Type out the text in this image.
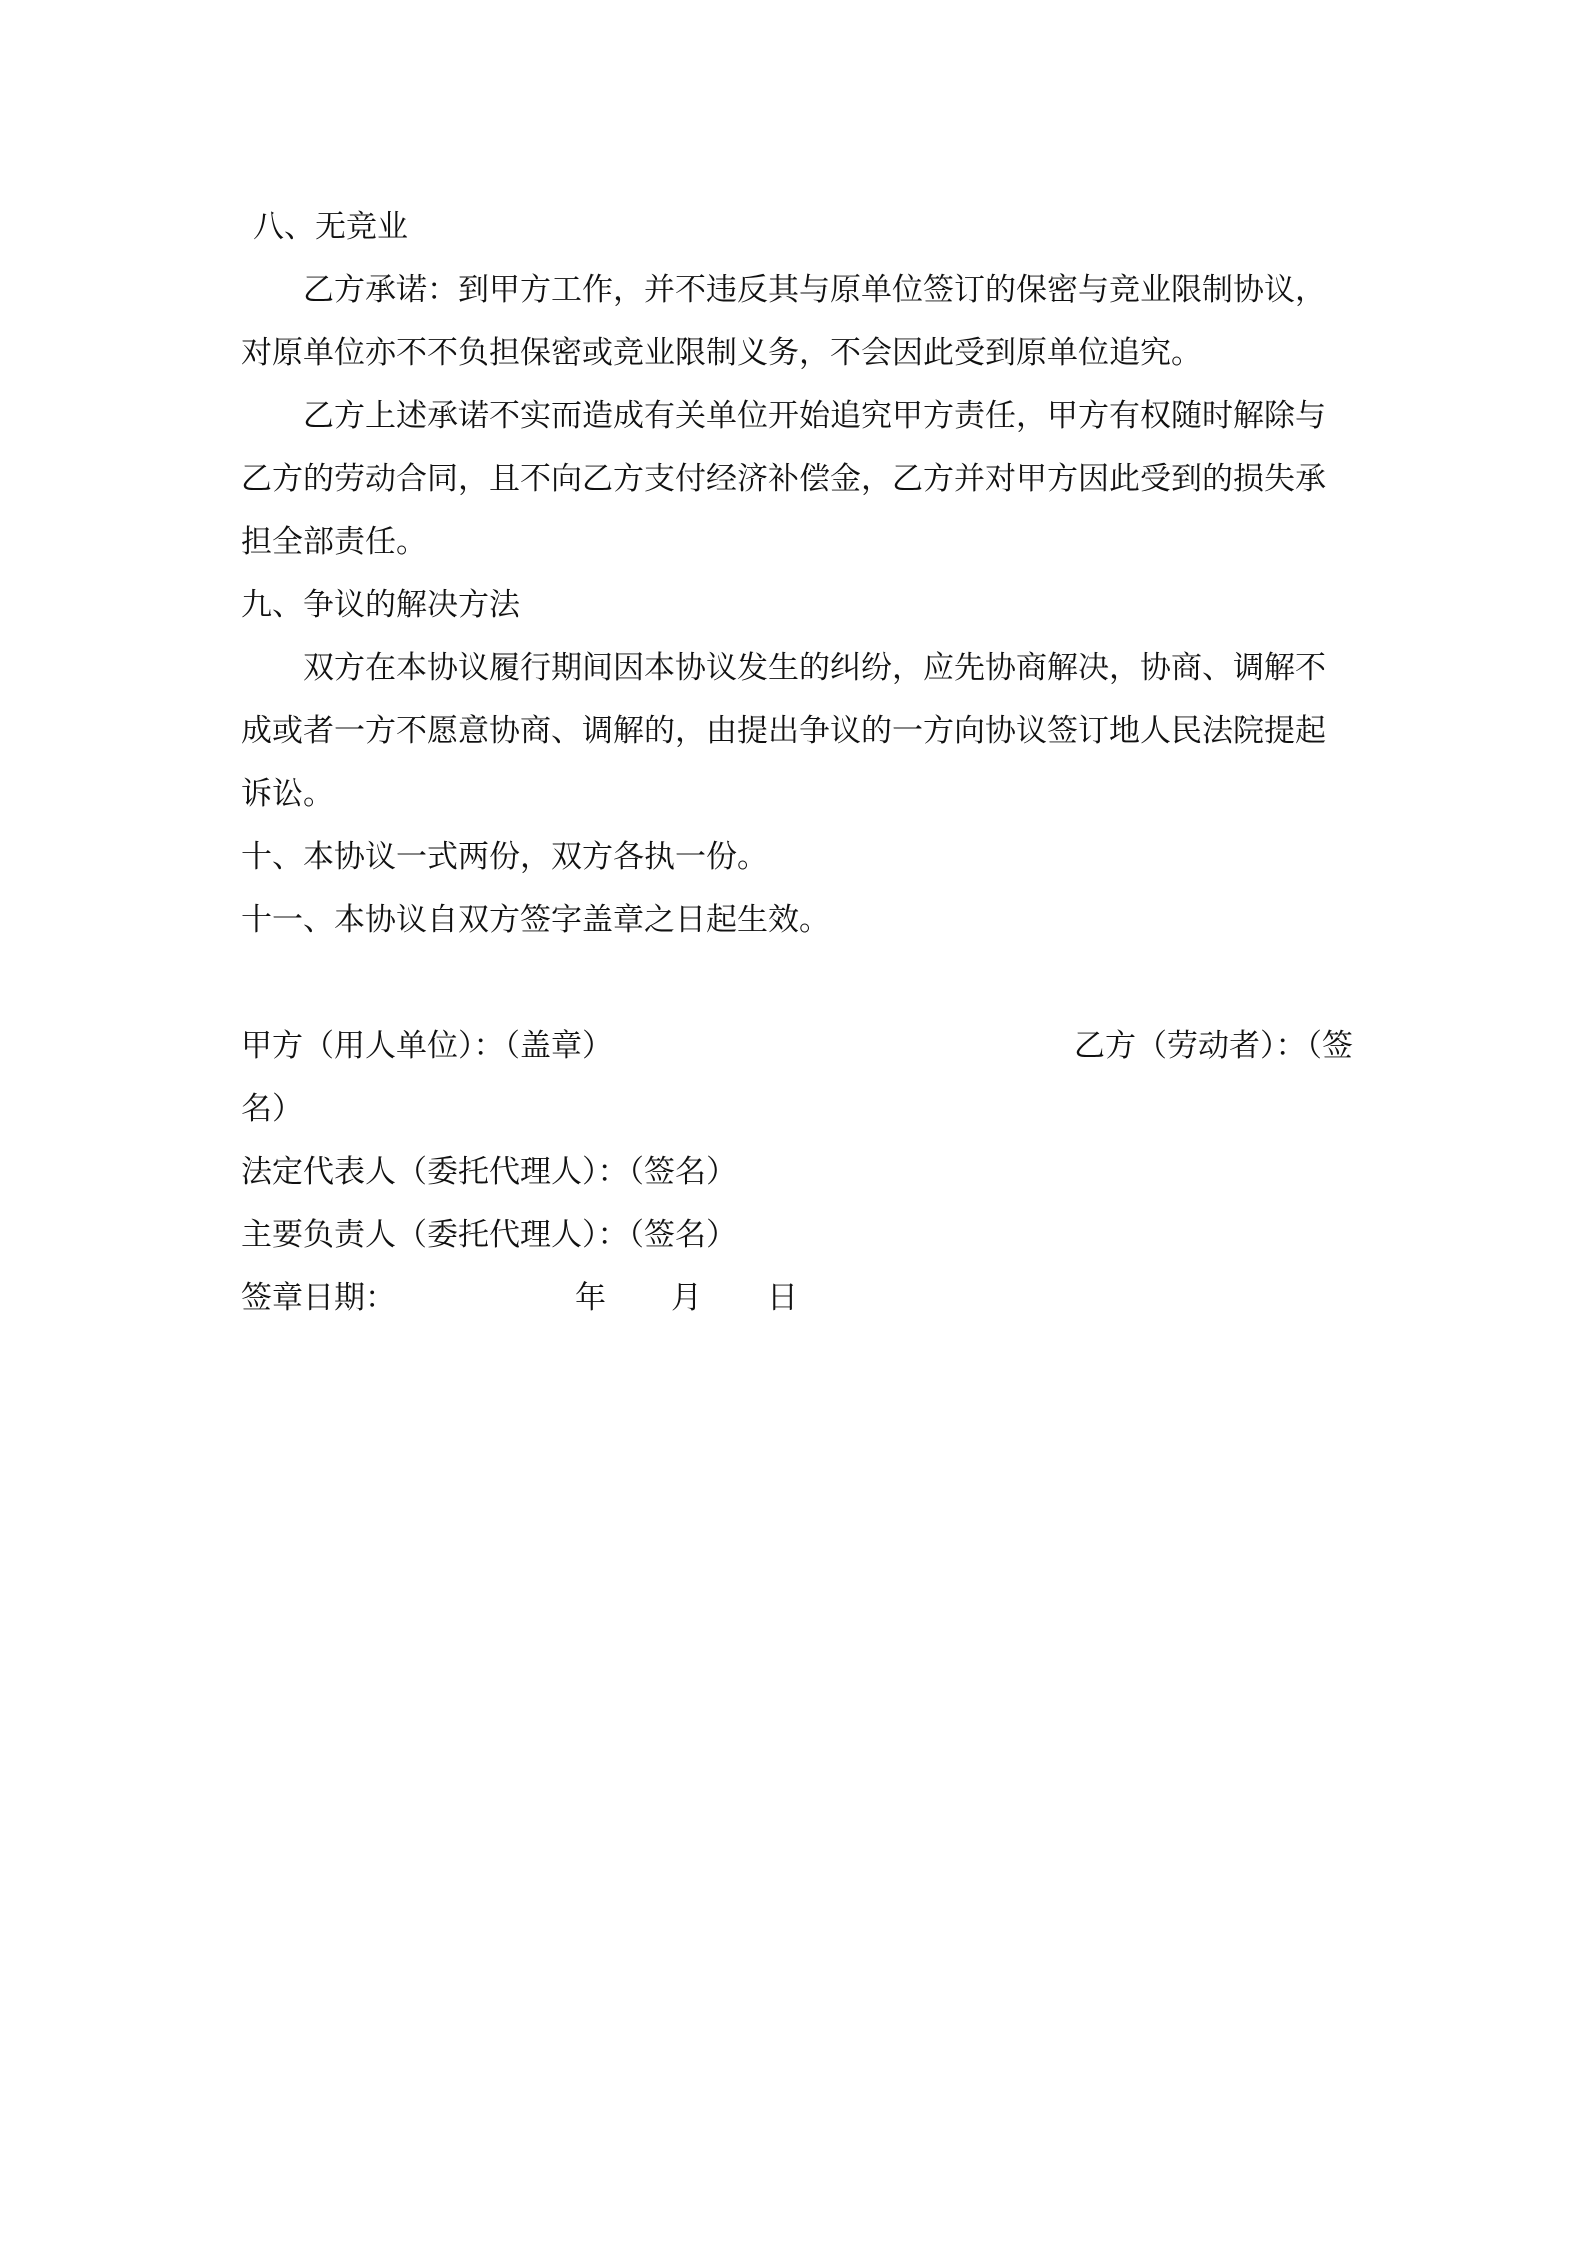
八、无竞业

乙方承诺：到甲方工作，并不违反其与原单位签订的保密与竞业限制协议，

对原单位亦不不负担保密或竞业限制义务，不会因此受到原单位追究。

乙方上述承诺不实而造成有关单位开始追究甲方责任，甲方有权随时解除与

乙方的劳动合同，且不向乙方支付经济补偿金，乙方并对甲方因此受到的损失承

担全部责任。

九、争议的解决方法

双方在本协议履行期间因本协议发生的纠纷，应先协商解决，协商、调解不

成或者一方不愿意协商、调解的，由提出争议的一方向协议签订地人民法院提起

诉讼。

十、本协议一式两份，双方各执一份。

十一、本协议自双方签字盖章之日起生效。

甲方（用人单位）：（盖章）	乙方（劳动者）：（签

名）

法定代表人（委托代理人）：（签名）

主要负责人（委托代理人）：（签名）

签章日期：	年 月 日
